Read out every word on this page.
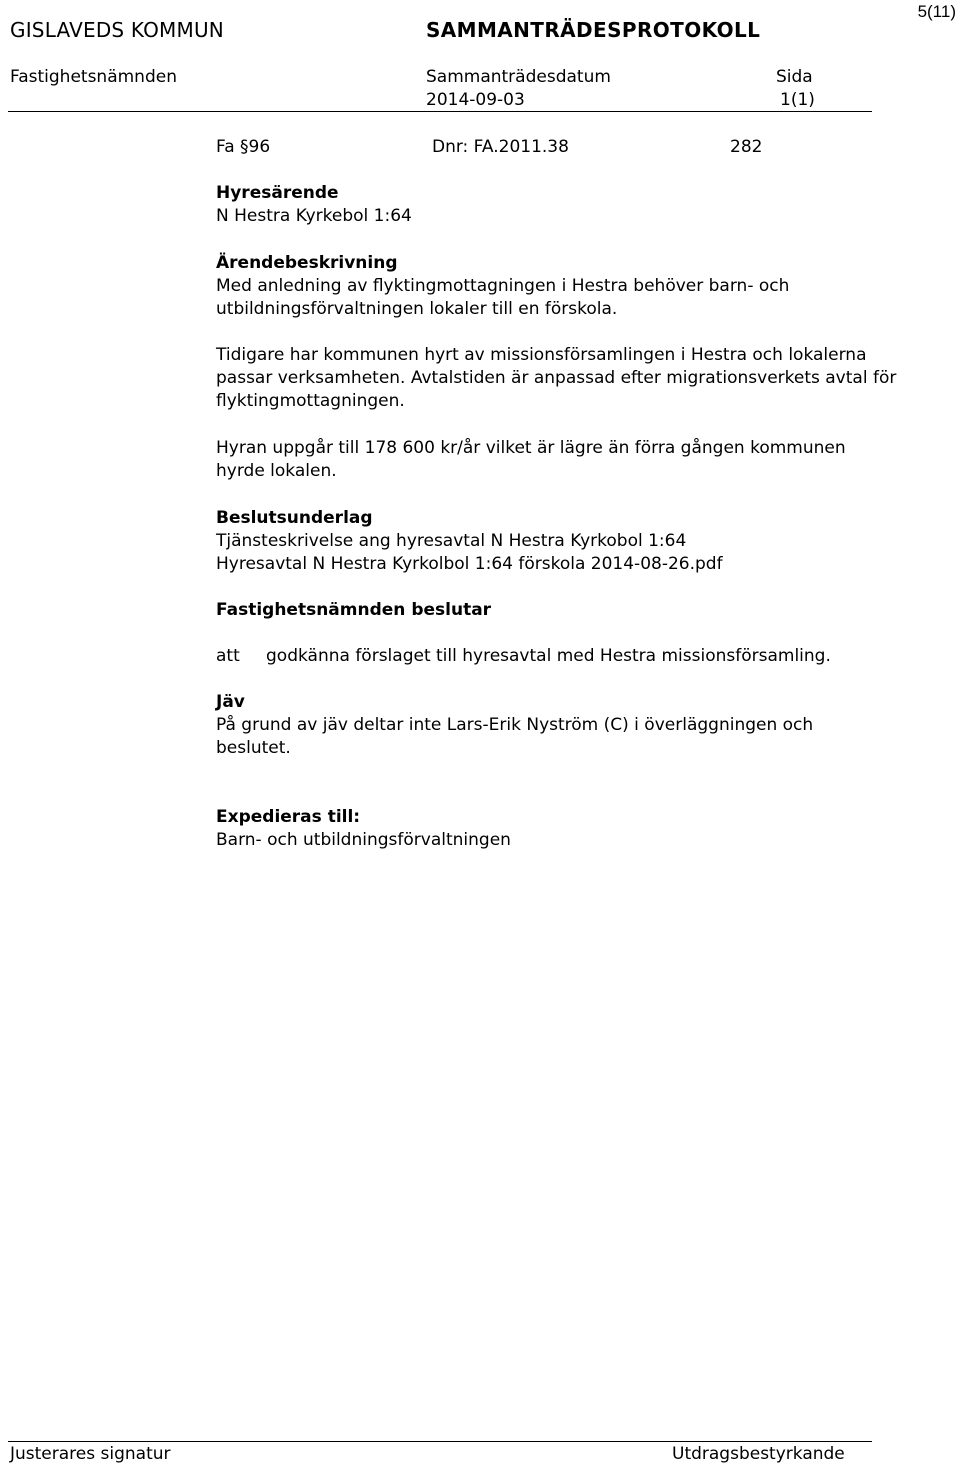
5(11)
GISLAVEDS KOMMUN	SAMMANTRÄDESPROTOKOLL
Fastighetsnämnden	Sammanträdesdatum
2014-09-03
Sida
1(1)
Fa §96	Dnr: FA.2011.38	282
Hyresärende
N Hestra Kyrkebol 1:64
Ärendebeskrivning
Med anledning av flyktingmottagningen i Hestra behöver barn- och
utbildningsförvaltningen lokaler till en förskola.
Tidigare har kommunen hyrt av missionsförsamlingen i Hestra och lokalerna
passar verksamheten. Avtalstiden är anpassad efter migrationsverkets avtal för
flyktingmottagningen.
Hyran uppgår till 178 600 kr/år vilket är lägre än förra gången kommunen
hyrde lokalen.
Beslutsunderlag
Tjänsteskrivelse ang hyresavtal N Hestra Kyrkobol 1:64
Hyresavtal N Hestra Kyrkolbol 1:64 förskola 2014-08-26.pdf
Fastighetsnämnden beslutar
att godkänna förslaget till hyresavtal med Hestra missionsförsamling.
Jäv
På grund av jäv deltar inte Lars-Erik Nyström (C) i överläggningen och
beslutet.
Expedieras till:
Barn- och utbildningsförvaltningen
Justerares signatur	Utdragsbestyrkande
